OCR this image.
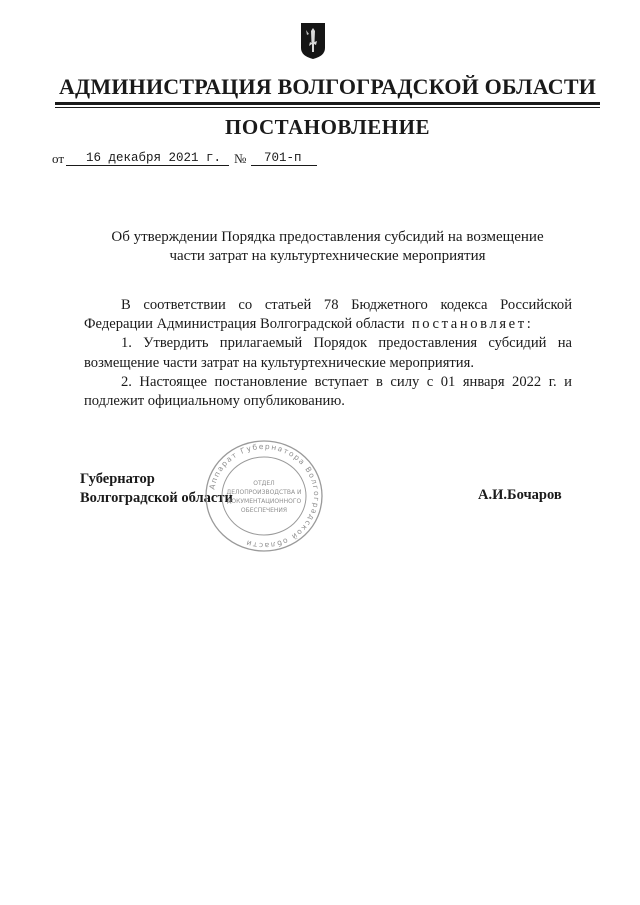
АДМИНИСТРАЦИЯ ВОЛГОГРАДСКОЙ ОБЛАСТИ
ПОСТАНОВЛЕНИЕ
от 16 декабря 2021 г. № 701-п
Об утверждении Порядка предоставления субсидий на возмещение
части затрат на культуртехнические мероприятия

В соответствии со статьей 78 Бюджетного кодекса Российской Федерации Администрация Волгоградской области постановляет:

1. Утвердить прилагаемый Порядок предоставления субсидий на возмещение части затрат на культуртехнические мероприятия.

2. Настоящее постановление вступает в силу с 01 января 2022 г. и подлежит официальному опубликованию.

Губернатор
Волгоградской области	А.И.Бочаров
Аппарат Губернатора Волгоградской области
ОТДЕЛ
ДЕЛОПРОИЗВОДСТВА И
ДОКУМЕНТАЦИОННОГО
ОБЕСПЕЧЕНИЯ
